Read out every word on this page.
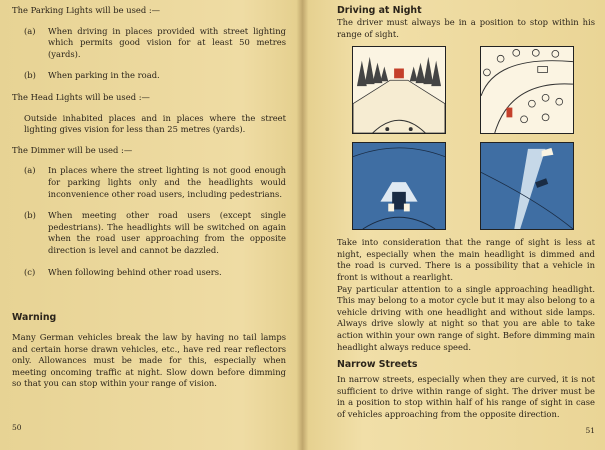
The Parking Lights will be used :—

(a)	When driving in places provided with street lighting which permits good vision for at least 50 metres (yards).
(b)	When parking in the road.

The Head Lights will be used :—

Outside inhabited places and in places where the street lighting gives vision for less than 25 metres (yards).

The Dimmer will be used :—

(a)	In places where the street lighting is not good enough for parking lights only and the headlights would inconvenience other road users, including pedestrians.
(b)	When meeting other road users (except single pedestrians). The headlights will be switched on again when the road user approaching from the opposite direction is level and cannot be dazzled.
(c)	When following behind other road users.
Warning

Many German vehicles break the law by having no tail lamps and certain horse drawn vehicles, etc., have red rear reflectors only. Allowances must be made for this, especially when meeting oncoming traffic at night. Slow down before dimming so that you can stop within your range of vision.

50
Driving at Night

The driver must always be in a position to stop within his range of sight.

Take into consideration that the range of sight is less at night, especially when the main headlight is dimmed and the road is curved. There is a possibility that a vehicle in front is without a rearlight.

Pay particular attention to a single approaching headlight. This may belong to a motor cycle but it may also belong to a vehicle driving with one headlight and without side lamps. Always drive slowly at night so that you are able to take action within your own range of sight. Before dimming main headlight always reduce speed.

Narrow Streets

In narrow streets, especially when they are curved, it is not sufficient to drive within range of sight. The driver must be in a position to stop within half of his range of sight in case of vehicles approaching from the opposite direction.

51
